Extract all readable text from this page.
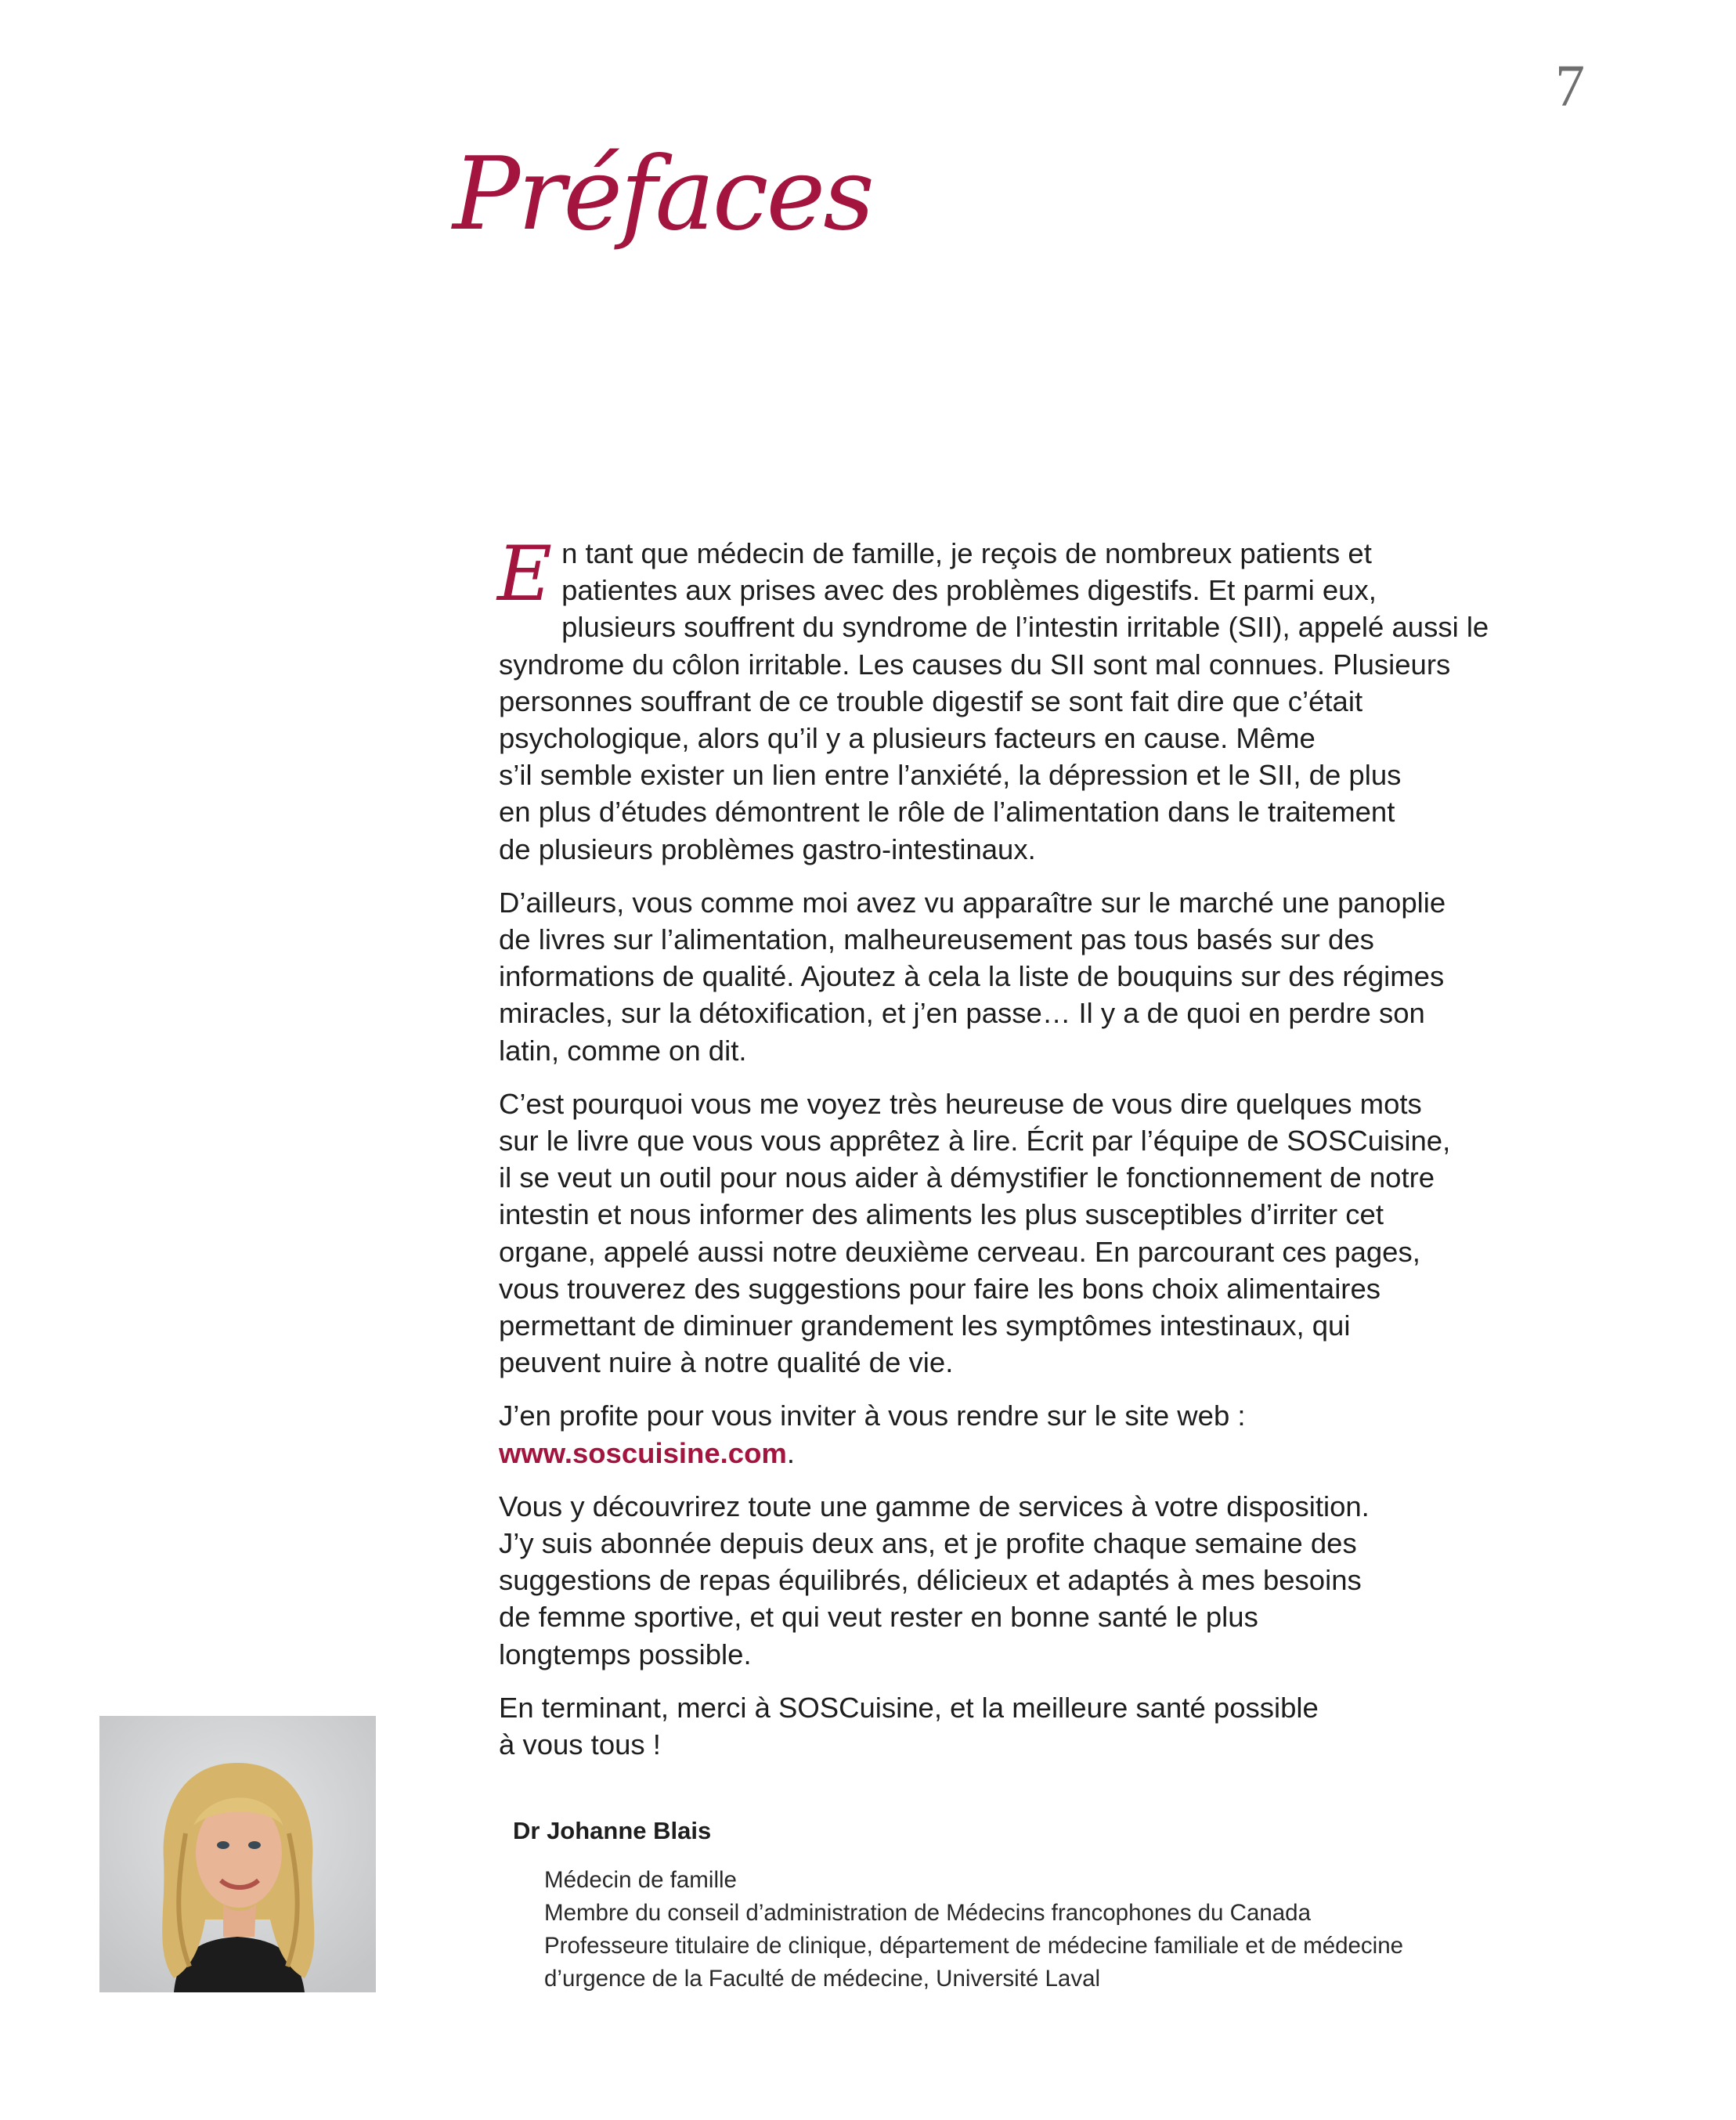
7
Préfaces

En tant que médecin de famille, je reçois de nombreux patients et
patientes aux prises avec des problèmes digestifs. Et parmi eux,
plusieurs souffrent du syndrome de l’intestin irritable (SII), appelé aussi le
syndrome du côlon irritable. Les causes du SII sont mal connues. Plusieurs
personnes souffrant de ce trouble digestif se sont fait dire que c’était
psychologique, alors qu’il y a plusieurs facteurs en cause. Même
s’il semble exister un lien entre l’anxiété, la dépression et le SII, de plus
en plus d’études démontrent le rôle de l’alimentation dans le traitement
de plusieurs problèmes gastro-intestinaux.

D’ailleurs, vous comme moi avez vu apparaître sur le marché une panoplie
de livres sur l’alimentation, malheureusement pas tous basés sur des
informations de qualité. Ajoutez à cela la liste de bouquins sur des régimes
miracles, sur la détoxification, et j’en passe… Il y a de quoi en perdre son
latin, comme on dit.

C’est pourquoi vous me voyez très heureuse de vous dire quelques mots
sur le livre que vous vous apprêtez à lire. Écrit par l’équipe de SOSCuisine,
il se veut un outil pour nous aider à démystifier le fonctionnement de notre
intestin et nous informer des aliments les plus susceptibles d’irriter cet
organe, appelé aussi notre deuxième cerveau. En parcourant ces pages,
vous trouverez des suggestions pour faire les bons choix alimentaires
permettant de diminuer grandement les symptômes intestinaux, qui
peuvent nuire à notre qualité de vie.

J’en profite pour vous inviter à vous rendre sur le site web :
www.soscuisine.com.

Vous y découvrirez toute une gamme de services à votre disposition.
J’y suis abonnée depuis deux ans, et je profite chaque semaine des
suggestions de repas équilibrés, délicieux et adaptés à mes besoins
de femme sportive, et qui veut rester en bonne santé le plus
longtemps possible.

En terminant, merci à SOSCuisine, et la meilleure santé possible
à vous tous !

Dr Johanne Blais
Médecin de famille
Membre du conseil d’administration de Médecins francophones du Canada
Professeure titulaire de clinique, département de médecine familiale et de médecine
d’urgence de la Faculté de médecine, Université Laval
